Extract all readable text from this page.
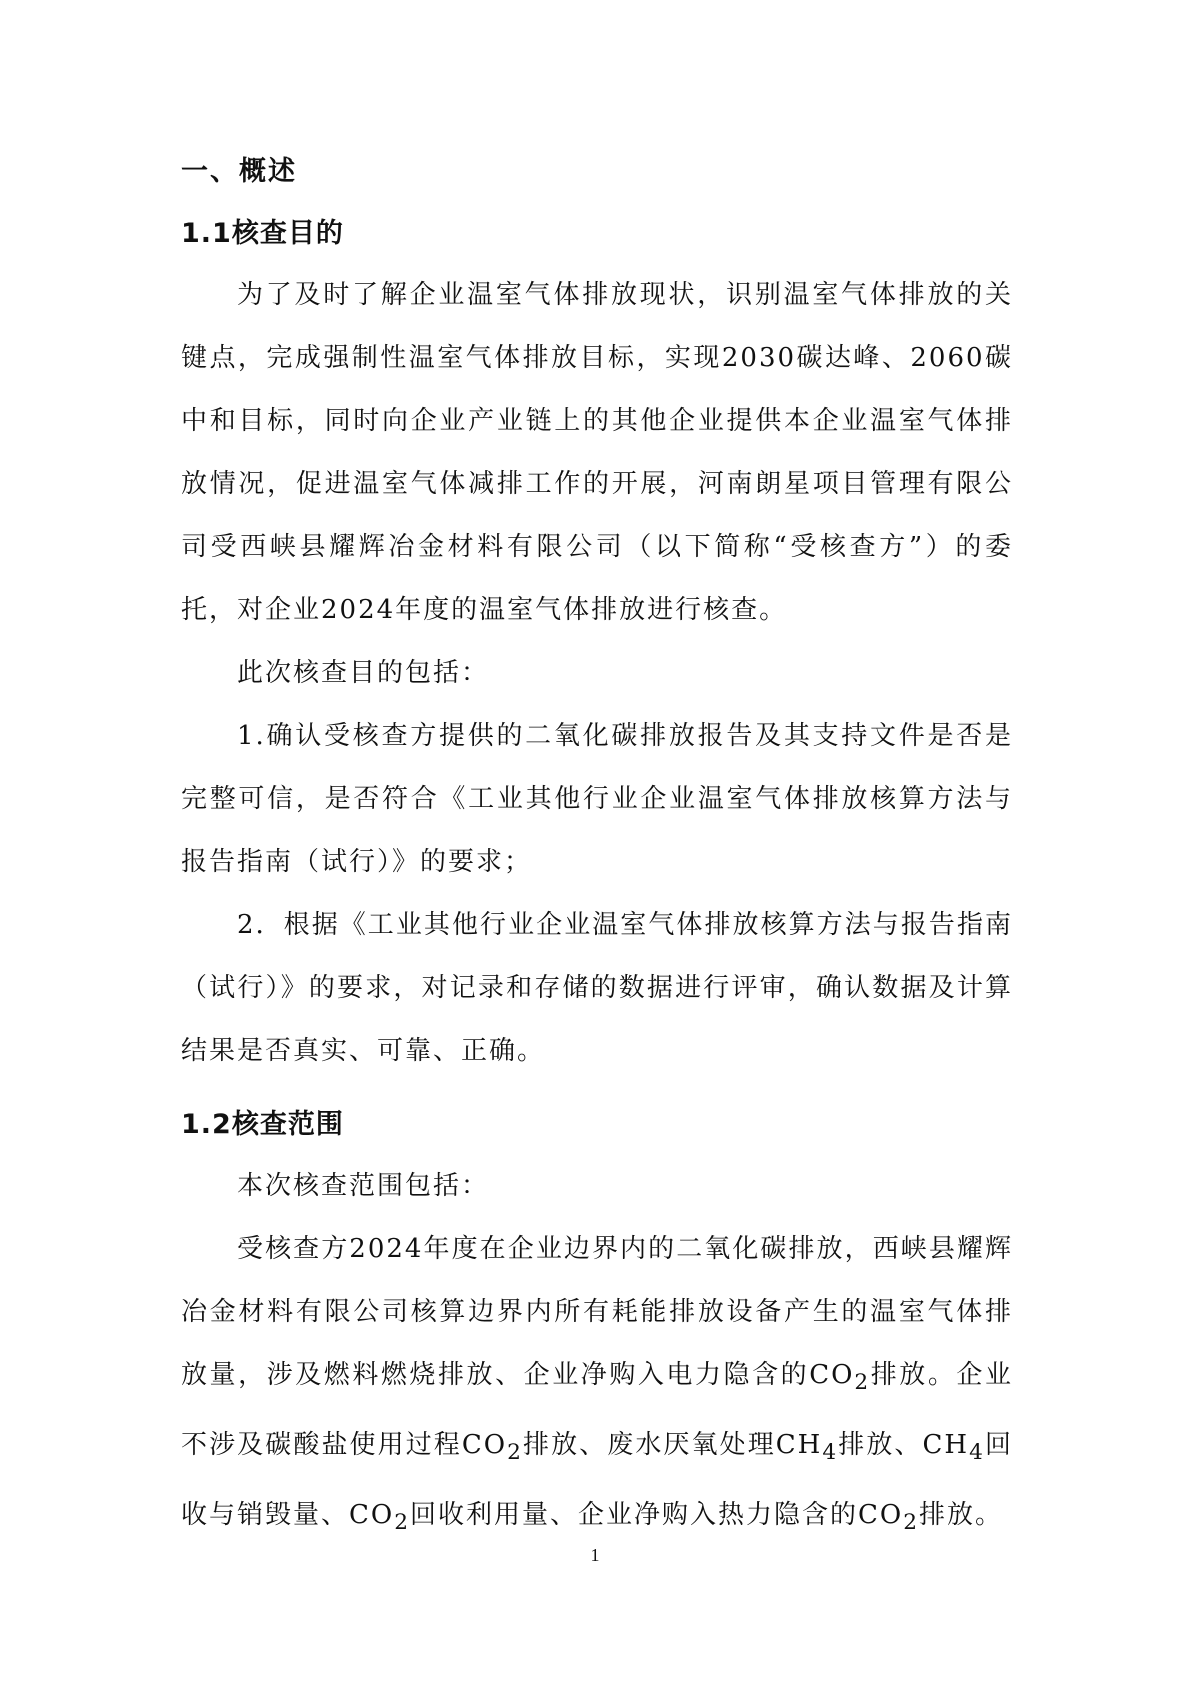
一、概述
1.1核查目的

为了及时了解企业温室气体排放现状，识别温室气体排放的关键点，完成强制性温室气体排放目标，实现2030碳达峰、2060碳中和目标，同时向企业产业链上的其他企业提供本企业温室气体排放情况，促进温室气体减排工作的开展，河南朗星项目管理有限公司受西峡县耀辉冶金材料有限公司（以下简称“受核查方”）的委托，对企业2024年度的温室气体排放进行核查。

此次核查目的包括：

1.确认受核查方提供的二氧化碳排放报告及其支持文件是否是完整可信，是否符合《工业其他行业企业温室气体排放核算方法与报告指南（试行）》的要求；

2．根据《工业其他行业企业温室气体排放核算方法与报告指南（试行）》的要求，对记录和存储的数据进行评审，确认数据及计算结果是否真实、可靠、正确。

1.2核查范围

本次核查范围包括：

受核查方2024年度在企业边界内的二氧化碳排放，西峡县耀辉冶金材料有限公司核算边界内所有耗能排放设备产生的温室气体排放量，涉及燃料燃烧排放、企业净购入电力隐含的$CO_2$排放。企业不涉及碳酸盐使用过程$CO_2$排放、废水厌氧处理$CH_4$排放、$CH_4$回收与销毁量、$CO_2$回收利用量、企业净购入热力隐含的$CO_2$排放。

1
